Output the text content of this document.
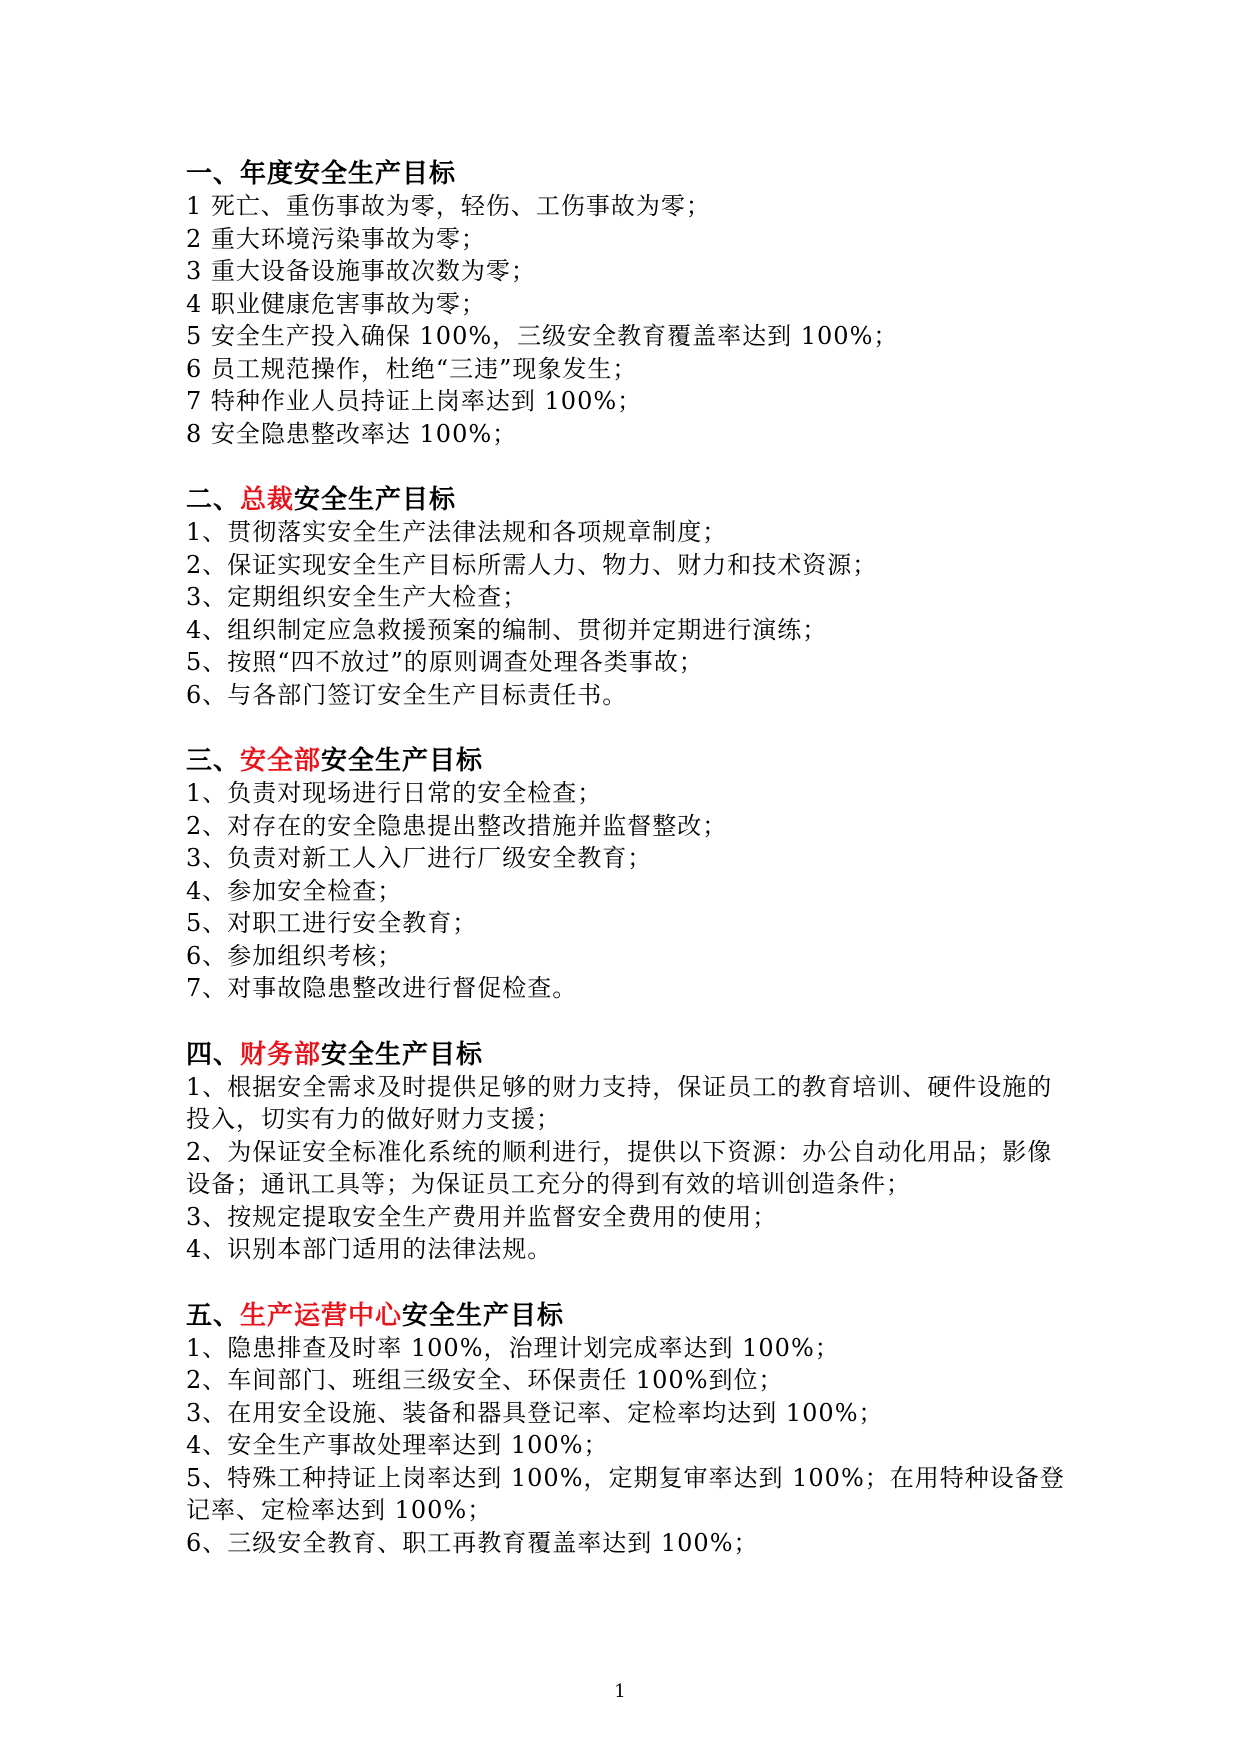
一、年度安全生产目标
1 死亡、重伤事故为零，轻伤、工伤事故为零；
2 重大环境污染事故为零；
3 重大设备设施事故次数为零；
4 职业健康危害事故为零；
5 安全生产投入确保 100%，三级安全教育覆盖率达到 100%；
6 员工规范操作，杜绝“三违”现象发生；
7 特种作业人员持证上岗率达到 100%；
8 安全隐患整改率达 100%；
二、总裁安全生产目标
1、贯彻落实安全生产法律法规和各项规章制度；
2、保证实现安全生产目标所需人力、物力、财力和技术资源；
3、定期组织安全生产大检查；
4、组织制定应急救援预案的编制、贯彻并定期进行演练；
5、按照“四不放过”的原则调查处理各类事故；
6、与各部门签订安全生产目标责任书。
三、安全部安全生产目标
1、负责对现场进行日常的安全检查；
2、对存在的安全隐患提出整改措施并监督整改；
3、负责对新工人入厂进行厂级安全教育；
4、参加安全检查；
5、对职工进行安全教育；
6、参加组织考核；
7、对事故隐患整改进行督促检查。
四、财务部安全生产目标
1、根据安全需求及时提供足够的财力支持，保证员工的教育培训、硬件设施的投入，切实有力的做好财力支援；
2、为保证安全标准化系统的顺利进行，提供以下资源：办公自动化用品；影像设备；通讯工具等；为保证员工充分的得到有效的培训创造条件；
3、按规定提取安全生产费用并监督安全费用的使用；
4、识别本部门适用的法律法规。
五、生产运营中心安全生产目标
1、隐患排查及时率 100%，治理计划完成率达到 100%；
2、车间部门、班组三级安全、环保责任 100%到位；
3、在用安全设施、装备和器具登记率、定检率均达到 100%；
4、安全生产事故处理率达到 100%；
5、特殊工种持证上岗率达到 100%，定期复审率达到 100%；在用特种设备登记率、定检率达到 100%；
6、三级安全教育、职工再教育覆盖率达到 100%；
1
